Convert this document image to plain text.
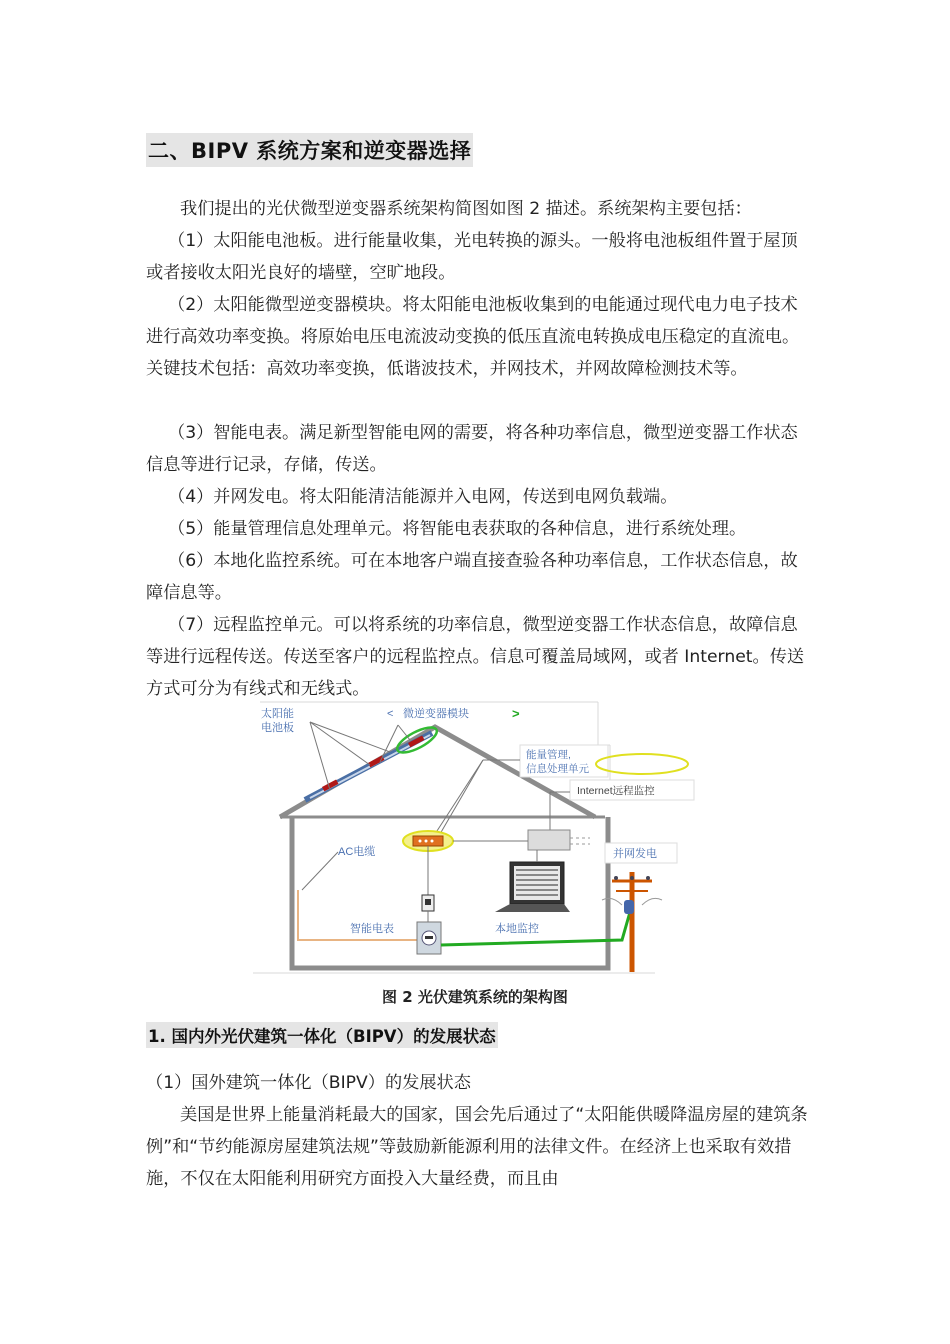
二、BIPV 系统方案和逆变器选择

我们提出的光伏微型逆变器系统架构简图如图 2 描述。系统架构主要包括：

（1）太阳能电池板。进行能量收集，光电转换的源头。一般将电池板组件置于屋顶或者接收太阳光良好的墙壁，空旷地段。

（2）太阳能微型逆变器模块。将太阳能电池板收集到的电能通过现代电力电子技术进行高效功率变换。将原始电压电流波动变换的低压直流电转换成电压稳定的直流电。关键技术包括：高效功率变换，低谐波技术，并网技术，并网故障检测技术等。

（3）智能电表。满足新型智能电网的需要，将各种功率信息，微型逆变器工作状态信息等进行记录，存储，传送。

（4）并网发电。将太阳能清洁能源并入电网，传送到电网负载端。

（5）能量管理信息处理单元。将智能电表获取的各种信息，进行系统处理。

（6）本地化监控系统。可在本地客户端直接查验各种功率信息，工作状态信息，故障信息等。

（7）远程监控单元。可以将系统的功率信息，微型逆变器工作状态信息，故障信息等进行远程传送。传送至客户的远程监控点。信息可覆盖局域网，或者 Internet。传送方式可分为有线式和无线式。

太阳能
电池板
< 微逆变器模块	>
能量管理,
信息处理单元
Internet远程监控
AC电缆
智能电表	本地监控
并网发电
图 2 光伏建筑系统的架构图
1. 国内外光伏建筑一体化（BIPV）的发展状态
（1）国外建筑一体化（BIPV）的发展状态

美国是世界上能量消耗最大的国家，国会先后通过了“太阳能供暖降温房屋的建筑条例”和“节约能源房屋建筑法规”等鼓励新能源利用的法律文件。在经济上也采取有效措施，不仅在太阳能利用研究方面投入大量经费，而且由
